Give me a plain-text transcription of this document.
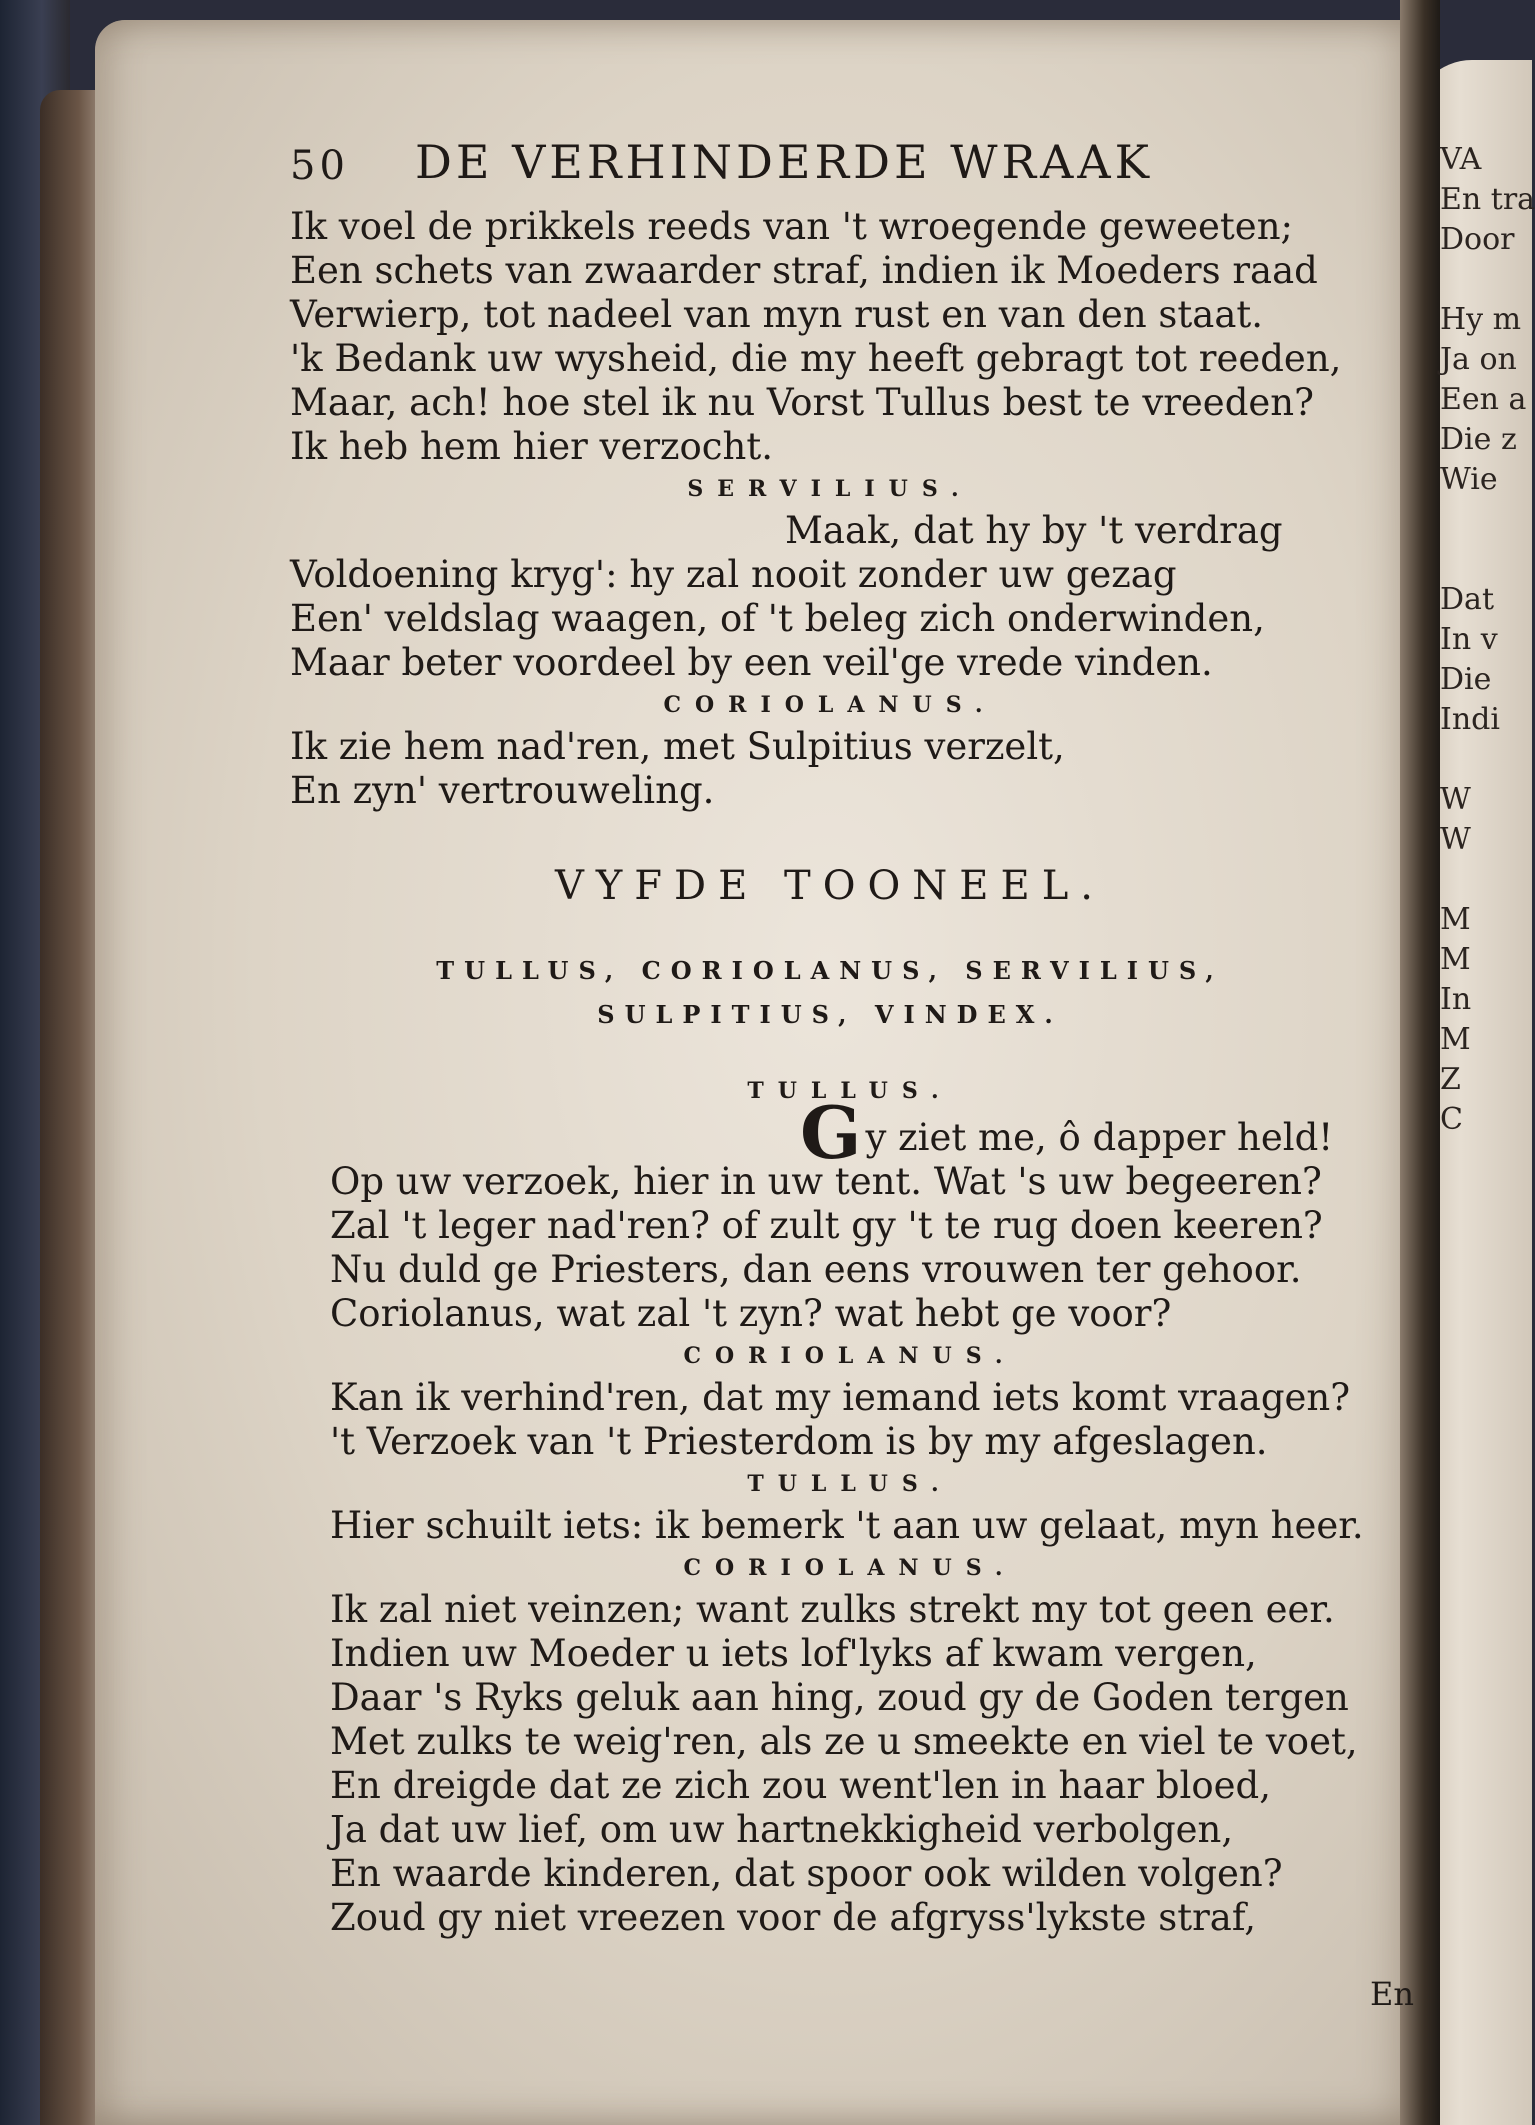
VA
En tra
Door
Hy m
Ja on
Een a
Die z
Wie
Dat
In v
Die
Indi
W
W
M
M
In
M
Z
C
50 DE VERHINDERDE WRAAK
Ik voel de prikkels reeds van 't wroegende geweeten;
Een schets van zwaarder straf, indien ik Moeders raad
Verwierp, tot nadeel van myn rust en van den staat.
'k Bedank uw wysheid, die my heeft gebragt tot reeden,
Maar, ach! hoe stel ik nu Vorst Tullus best te vreeden?
Ik heb hem hier verzocht.
SERVILIUS.
Maak, dat hy by 't verdrag
Voldoening kryg': hy zal nooit zonder uw gezag
Een' veldslag waagen, of 't beleg zich onderwinden,
Maar beter voordeel by een veil'ge vrede vinden.
CORIOLANUS.
Ik zie hem nad'ren, met Sulpitius verzelt,
En zyn' vertrouweling.
VYFDE TOONEEL.
TULLUS, CORIOLANUS, SERVILIUS,
SULPITIUS, VINDEX.
TULLUS.
Gy ziet me, ô dapper held!
Op uw verzoek, hier in uw tent. Wat 's uw begeeren?
Zal 't leger nad'ren? of zult gy 't te rug doen keeren?
Nu duld ge Priesters, dan eens vrouwen ter gehoor.
Coriolanus, wat zal 't zyn? wat hebt ge voor?
CORIOLANUS.
Kan ik verhind'ren, dat my iemand iets komt vraagen?
't Verzoek van 't Priesterdom is by my afgeslagen.
TULLUS.
Hier schuilt iets: ik bemerk 't aan uw gelaat, myn heer.
CORIOLANUS.
Ik zal niet veinzen; want zulks strekt my tot geen eer.
Indien uw Moeder u iets lof'lyks af kwam vergen,
Daar 's Ryks geluk aan hing, zoud gy de Goden tergen
Met zulks te weig'ren, als ze u smeekte en viel te voet,
En dreigde dat ze zich zou went'len in haar bloed,
Ja dat uw lief, om uw hartnekkigheid verbolgen,
En waarde kinderen, dat spoor ook wilden volgen?
Zoud gy niet vreezen voor de afgryss'lykste straf,
En
